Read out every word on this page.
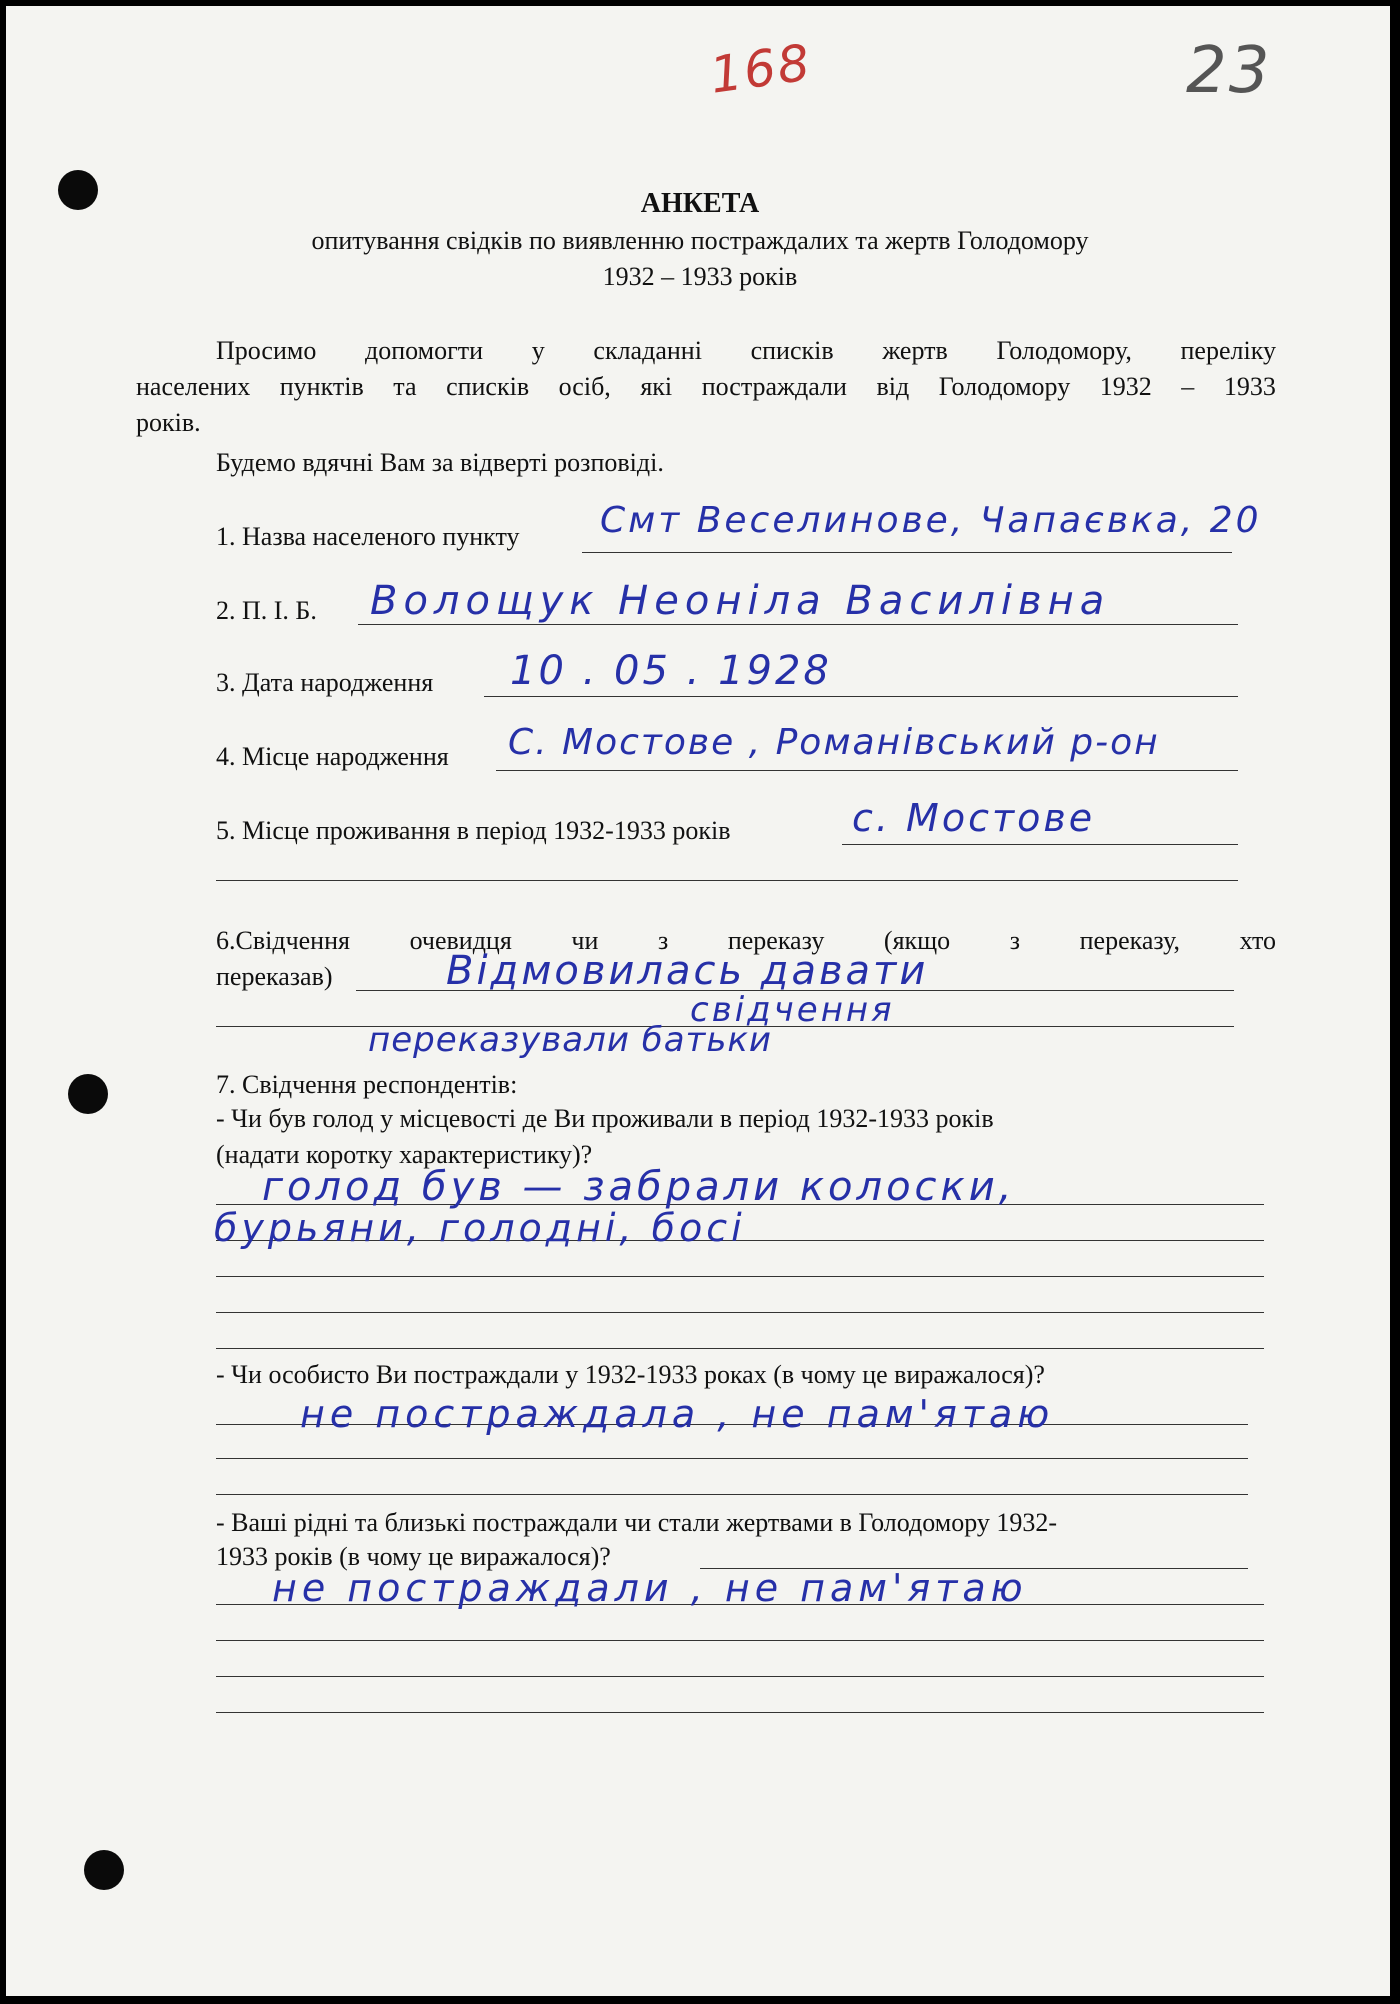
168	23
АНКЕТА
опитування свідків по виявленню постраждалих та жертв Голодомору
1932 – 1933 років
Просимо допомогти у складанні списків жертв Голодомору, переліку
населених пунктів та списків осіб, які постраждали від Голодомору 1932 – 1933
років.
Будемо вдячні Вам за відверті розповіді.
1. Назва населеного пункту Смт Веселинове, Чапаєвка, 20
2. П. І. Б. Волощук Неоніла Василівна
3. Дата народження 10 . 05 . 1928
4. Місце народження С. Мостове , Романівський р-он
5. Місце проживання в період 1932-1933 років	с. Мостове
6.Свідчення очевидця чи з переказу (якщо з переказу, хто
переказав)	Відмовилась давати
свідчення
переказували батьки
7. Свідчення респондентів:
- Чи був голод у місцевості де Ви проживали в період 1932-1933 років
(надати коротку характеристику)?
голод був — забрали колоски,
бурьяни, голодні, босі
- Чи особисто Ви постраждали у 1932-1933 роках (в чому це виражалося)?
не постраждала , не пам'ятаю
- Ваші рідні та близькі постраждали чи стали жертвами в Голодомору 1932-
1933 років (в чому це виражалося)?
не постраждали , не пам'ятаю
